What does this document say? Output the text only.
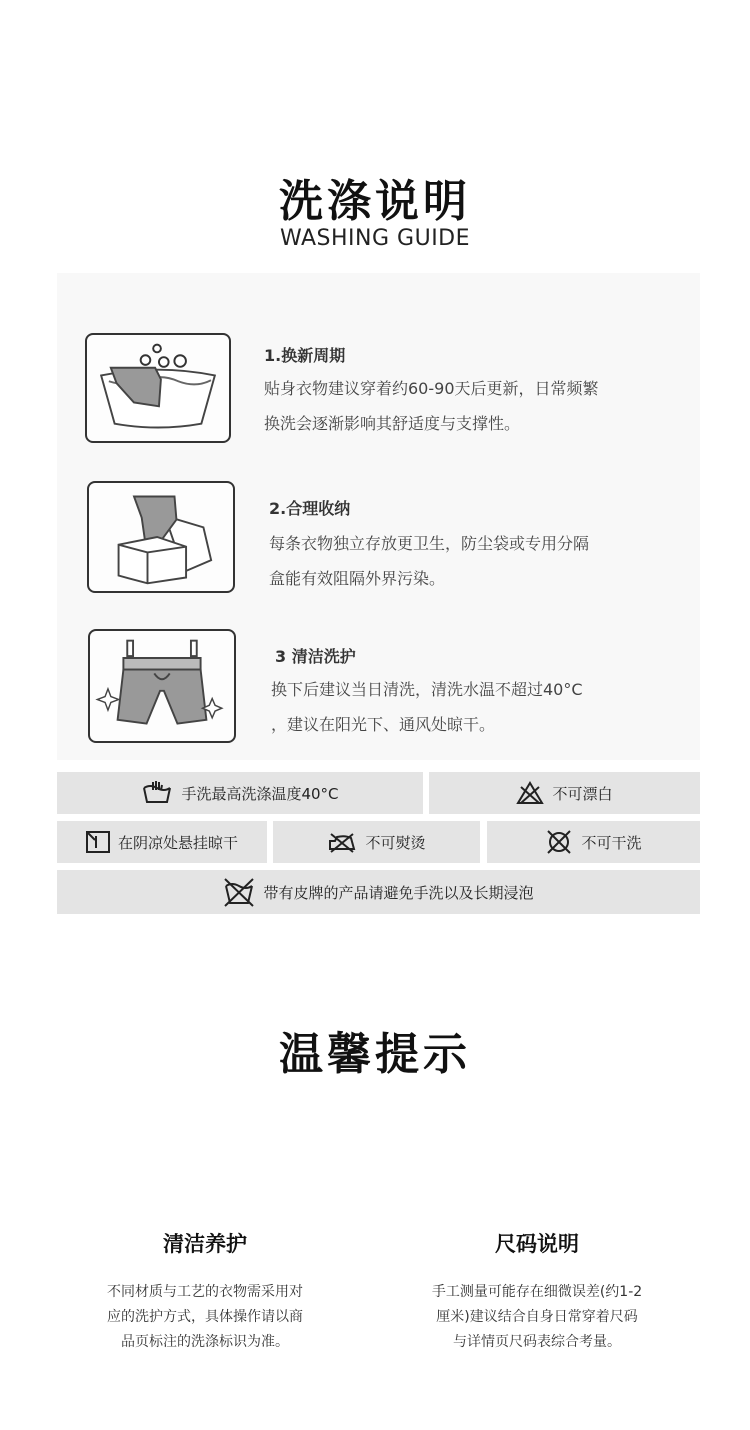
洗涤说明
WASHING GUIDE
1.换新周期
贴身衣物建议穿着约60-90天后更新，日常频繁
换洗会逐渐影响其舒适度与支撑性。
2.合理收纳
每条衣物独立存放更卫生，防尘袋或专用分隔
盒能有效阻隔外界污染。
3 清洁洗护
换下后建议当日清洗，清洗水温不超过40°C
，建议在阳光下、通风处晾干。
手洗最高洗涤温度40°C	不可漂白
在阴凉处悬挂晾干	不可熨烫	不可干洗
带有皮牌的产品请避免手洗以及长期浸泡
温馨提示
清洁养护
不同材质与工艺的衣物需采用对
应的洗护方式，具体操作请以商
品页标注的洗涤标识为准。
尺码说明
手工测量可能存在细微误差(约1-2
厘米)建议结合自身日常穿着尺码
与详情页尺码表综合考量。
